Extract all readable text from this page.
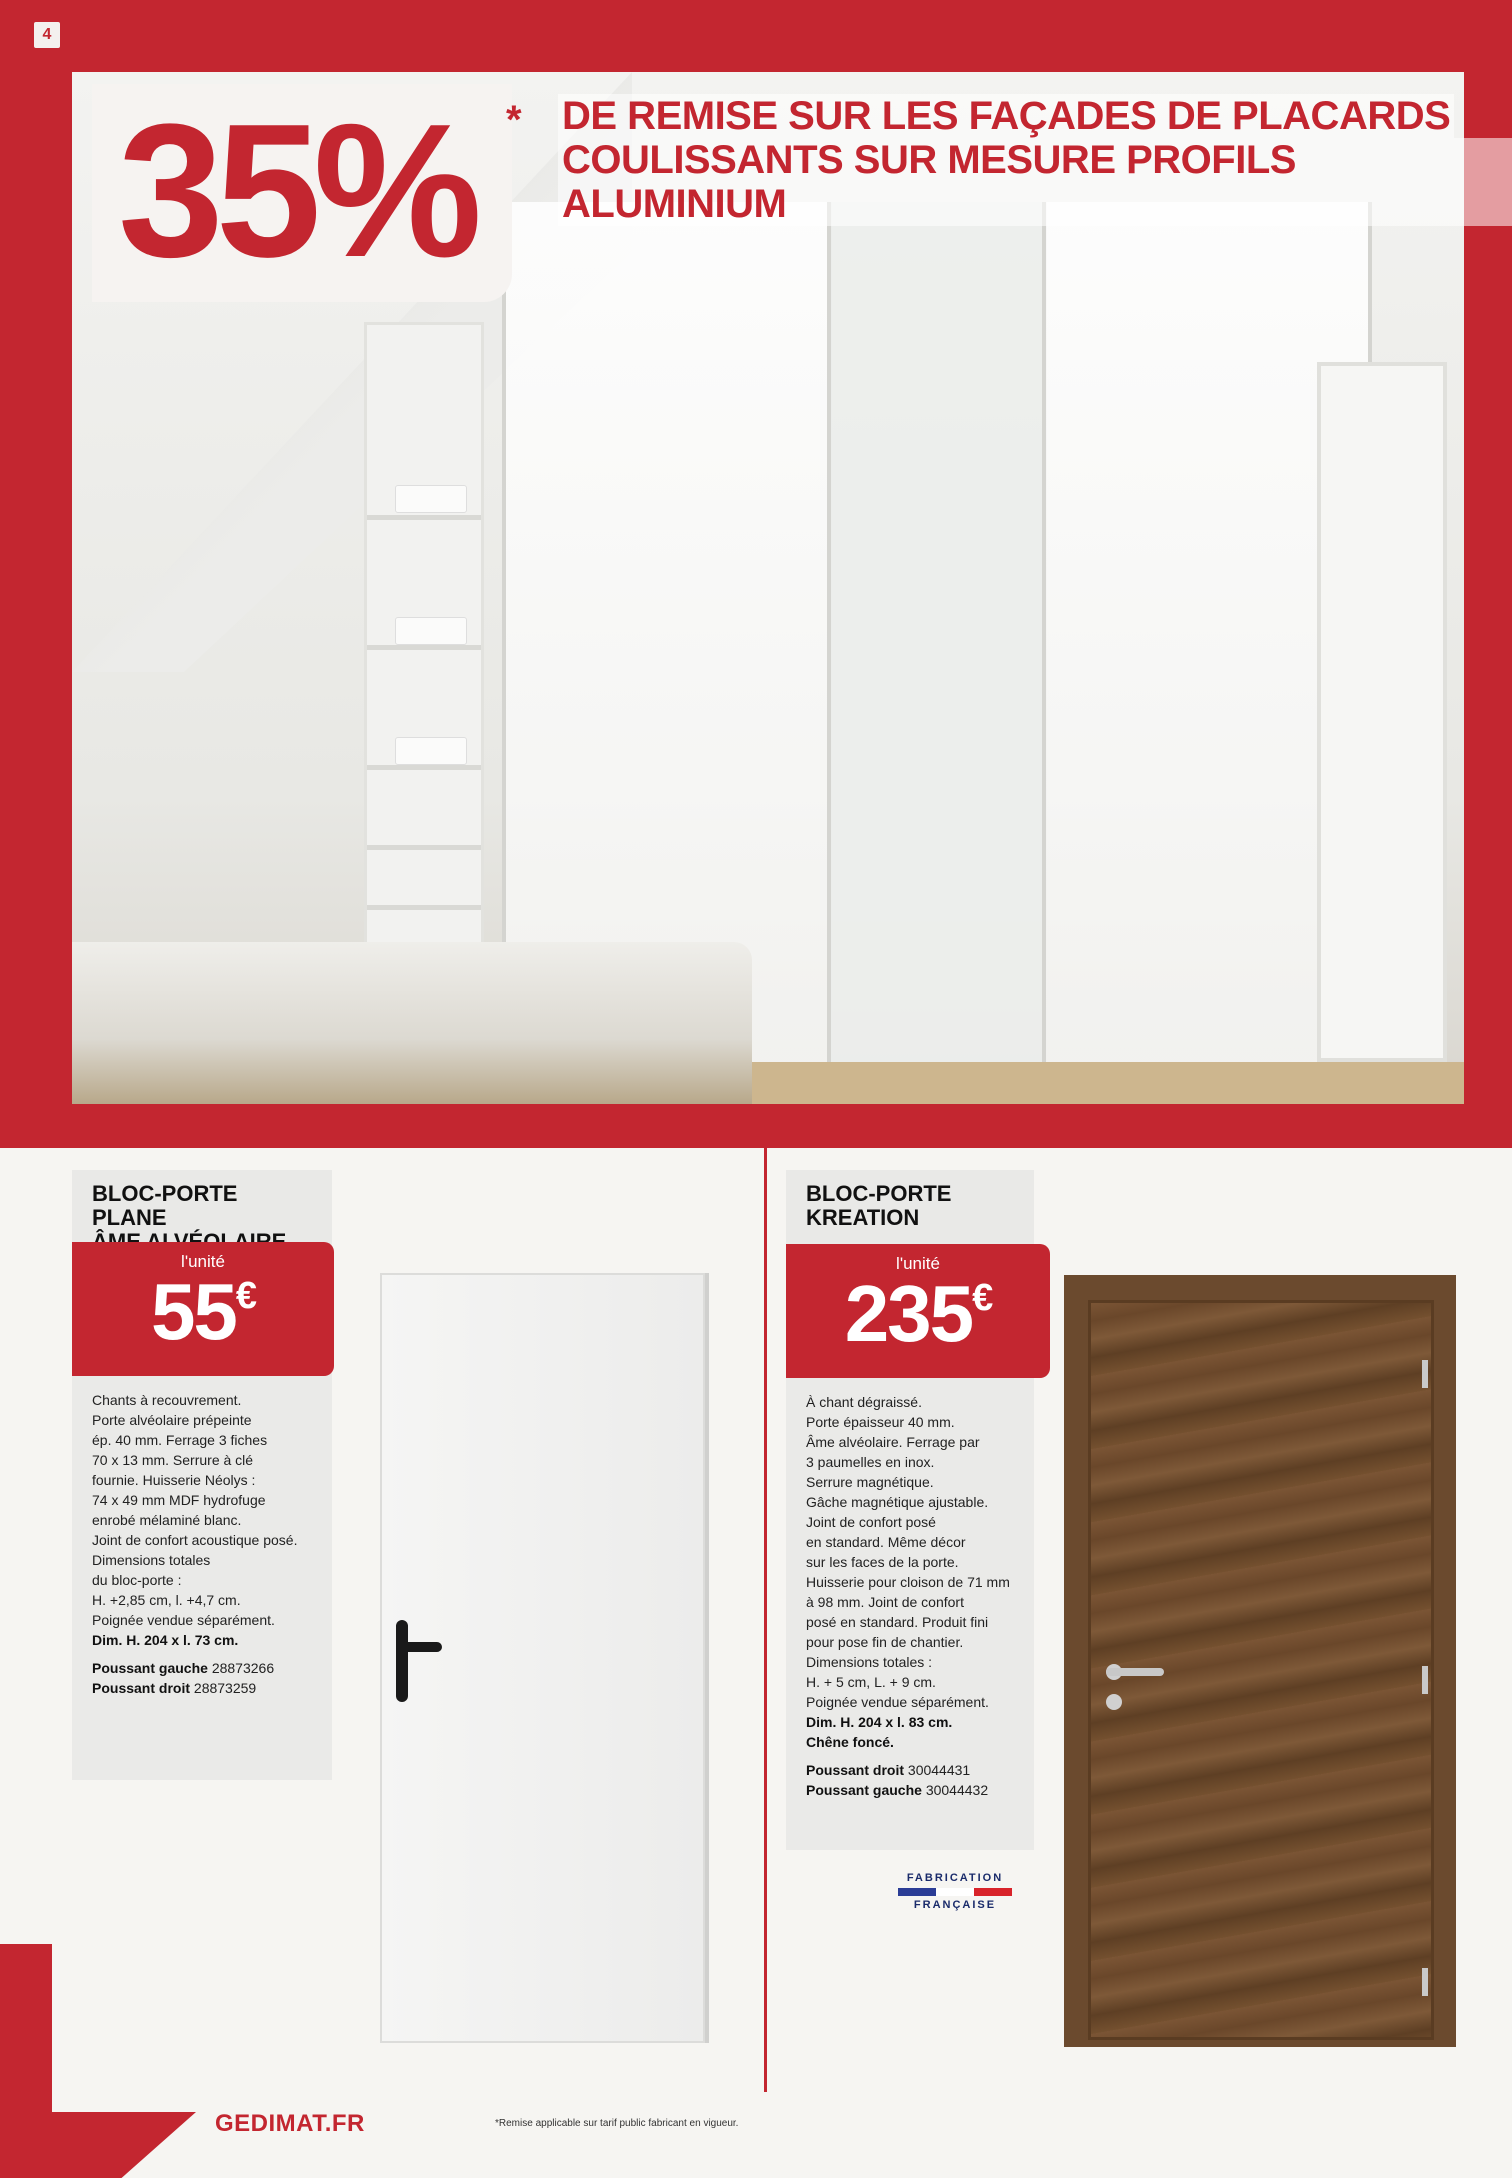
4
35% * DE REMISE SUR LES FAÇADES DE PLACARDS
COULISSANTS SUR MESURE PROFILS ALUMINIUM
BLOC-PORTE PLANE
l'unité
55€
Chants à recouvrement.
Porte alvéolaire prépeinte
ép. 40 mm. Ferrage 3 fiches
70 x 13 mm. Serrure à clé
fournie. Huisserie Néolys :
74 x 49 mm MDF hydrofuge
enrobé mélaminé blanc.
Joint de confort acoustique posé.
Dimensions totales
du bloc-porte :
H. +2,85 cm, l. +4,7 cm.
Poignée vendue séparément.
Dim. H. 204 x l. 73 cm.
Poussant gauche 28873266
Poussant droit 28873259
BLOC-PORTE
KREATION
l'unité
235€
À chant dégraissé.
Porte épaisseur 40 mm.
Âme alvéolaire. Ferrage par
3 paumelles en inox.
Serrure magnétique.
Gâche magnétique ajustable.
Joint de confort posé
en standard. Même décor
sur les faces de la porte.
Huisserie pour cloison de 71 mm
à 98 mm. Joint de confort
posé en standard. Produit fini
pour pose fin de chantier.
Dimensions totales :
H. + 5 cm, L. + 9 cm.
Poignée vendue séparément.
Dim. H. 204 x l. 83 cm.
Chêne foncé.
Poussant droit 30044431
Poussant gauche 30044432
FABRICATION
FRANÇAISE
GEDIMAT.FR	*Remise applicable sur tarif public fabricant en vigueur.
